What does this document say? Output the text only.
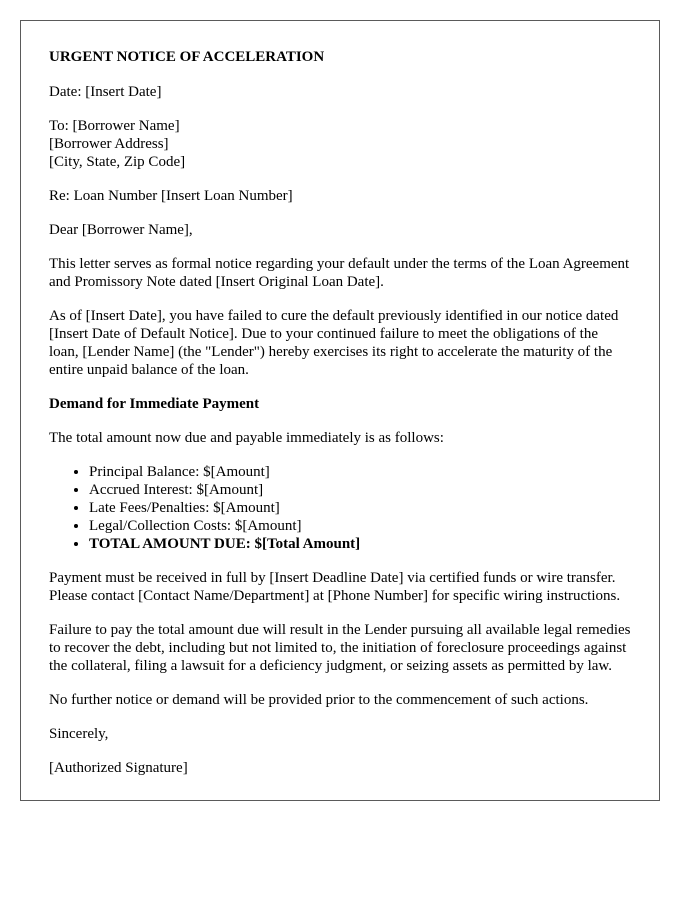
URGENT NOTICE OF ACCELERATION

Date: [Insert Date]

To: [Borrower Name]
[Borrower Address]
[City, State, Zip Code]

Re: Loan Number [Insert Loan Number]

Dear [Borrower Name],

This letter serves as formal notice regarding your default under the terms of the Loan Agreement and Promissory Note dated [Insert Original Loan Date].

As of [Insert Date], you have failed to cure the default previously identified in our notice dated [Insert Date of Default Notice]. Due to your continued failure to meet the obligations of the loan, [Lender Name] (the "Lender") hereby exercises its right to accelerate the maturity of the entire unpaid balance of the loan.

Demand for Immediate Payment

The total amount now due and payable immediately is as follows:

• Principal Balance: $[Amount]
• Accrued Interest: $[Amount]
• Late Fees/Penalties: $[Amount]
• Legal/Collection Costs: $[Amount]
• TOTAL AMOUNT DUE: $[Total Amount]

Payment must be received in full by [Insert Deadline Date] via certified funds or wire transfer. Please contact [Contact Name/Department] at [Phone Number] for specific wiring instructions.

Failure to pay the total amount due will result in the Lender pursuing all available legal remedies to recover the debt, including but not limited to, the initiation of foreclosure proceedings against the collateral, filing a lawsuit for a deficiency judgment, or seizing assets as permitted by law.

No further notice or demand will be provided prior to the commencement of such actions.

Sincerely,

[Authorized Signature]
